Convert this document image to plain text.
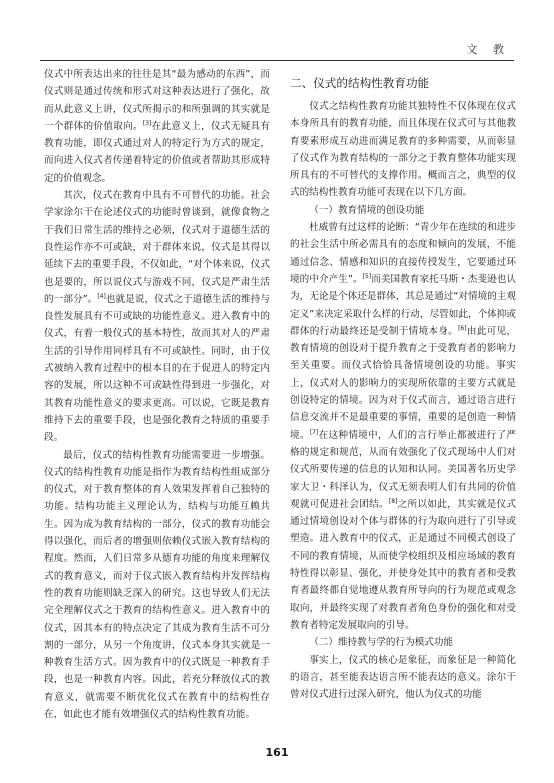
文 教

仪式中所表达出来的往往是其“最为感动的东西”，而仪式则是通过传统和形式对这种表达进行了强化，故而从此意义上讲，仪式所揭示的和所强调的其实就是一个群体的价值取向。[3]在此意义上，仪式无疑具有教育功能，即仪式通过对人的特定行为方式的规定，而向进入仪式者传递着特定的价值或者帮助其形成特定的价值观念。

其次，仪式在教育中具有不可替代的功能。社会学家涂尔干在论述仪式的功能时曾谈到，就像食物之于我们日常生活的维持之必须，仪式对于道德生活的良性运作亦不可或缺，对于群体来说，仪式是其得以延续下去的重要手段，不仅如此，“对个体来说，仪式也是要的，所以说仪式与游戏不同，仪式是严肃生活的一部分”。[4]也就是说，仪式之于道德生活的维持与良性发展具有不可或缺的功能性意义。进入教育中的仪式，有着一般仪式的基本特性，故而其对人的严肃生活的引导作用同样具有不可或缺性。同时，由于仪式被纳入教育过程中的根本目的在于促进人的特定内容的发展，所以这种不可或缺性得到进一步强化，对其教育功能性意义的要求更高。可以说，它既是教育维持下去的重要手段，也是强化教育之特质的重要手段。

最后，仪式的结构性教育功能需要进一步增强。仪式的结构性教育功能是指作为教育结构性组成部分的仪式，对于教育整体的育人效果发挥着自己独特的功能。结构功能主义理论认为，结构与功能互赖共生。因为成为教育结构的一部分，仪式的教育功能会得以强化，而后者的增强则依赖仪式嵌入教育结构的程度。然而，人们日常多从德育功能的角度来理解仪式的教育意义，而对于仪式嵌入教育结构并发挥结构性的教育功能则缺乏深入的研究。这也导致人们无法完全理解仪式之于教育的结构性意义。进入教育中的仪式，因其本有的特点决定了其成为教育生活不可分割的一部分，从另一个角度讲，仪式本身其实就是一种教育生活方式。因为教育中的仪式既是一种教育手段，也是一种教育内容。因此，若充分释放仪式的教育意义，就需要不断优化仪式在教育中的结构性存在，如此也才能有效增强仪式的结构性教育功能。

二、仪式的结构性教育功能

仪式之结构性教育功能其独特性不仅体现在仪式本身所具有的教育功能，而且体现在仪式可与其他教育要素形成互动进而满足教育的多种需要，从而彰显了仪式作为教育结构的一部分之于教育整体功能实现所具有的不可替代的支撑作用。概而言之，典型的仪式的结构性教育功能可表现在以下几方面。

（一）教育情境的创设功能

杜威曾有过这样的论断：“青少年在连续的和进步的社会生活中所必需具有的态度和倾向的发展，不能通过信念、情感和知识的直接传授发生，它要通过环境的中介产生”。[5]而美国教育家托马斯・杰斐逊也认为，无论是个体还是群体，其总是通过“对情境的主观定义”来决定采取什么样的行动，尽管如此，个体抑或群体的行动最终还是受制于情境本身。[6]由此可见，教育情境的创设对于提升教育之于受教育者的影响力至关重要。而仪式恰恰具备情境创设的功能。事实上，仪式对人的影响力的实现所依靠的主要方式就是创设特定的情境。因为对于仪式而言，通过语言进行信息交流并不是最重要的事情，重要的是创造一种情境。[7]在这种情境中，人们的言行举止都被进行了严格的规定和规范，从而有效强化了仪式现场中人们对仪式所要传递的信息的认知和认同。美国著名历史学家大卫・科泽认为，仪式无须表明人们有共同的价值观就可促进社会团结。[8]之所以如此，其实就是仪式通过情境创设对个体与群体的行为取向进行了引导或塑造。进入教育中的仪式，正是通过不同模式创设了不同的教育情境，从而使学校组织及相应场域的教育特性得以彰显、强化，并使身处其中的教育者和受教育者最终都自觉地遵从教育所导向的行为规范或观念取向，并最终实现了对教育者角色身份的强化和对受教育者特定发展取向的引导。

（二）维持教与学的行为模式功能

事实上，仪式的核心是象征，而象征是一种简化的语言，甚至能表达语言所不能表达的意义。涂尔干曾对仪式进行过深入研究，他认为仪式的功能

161
